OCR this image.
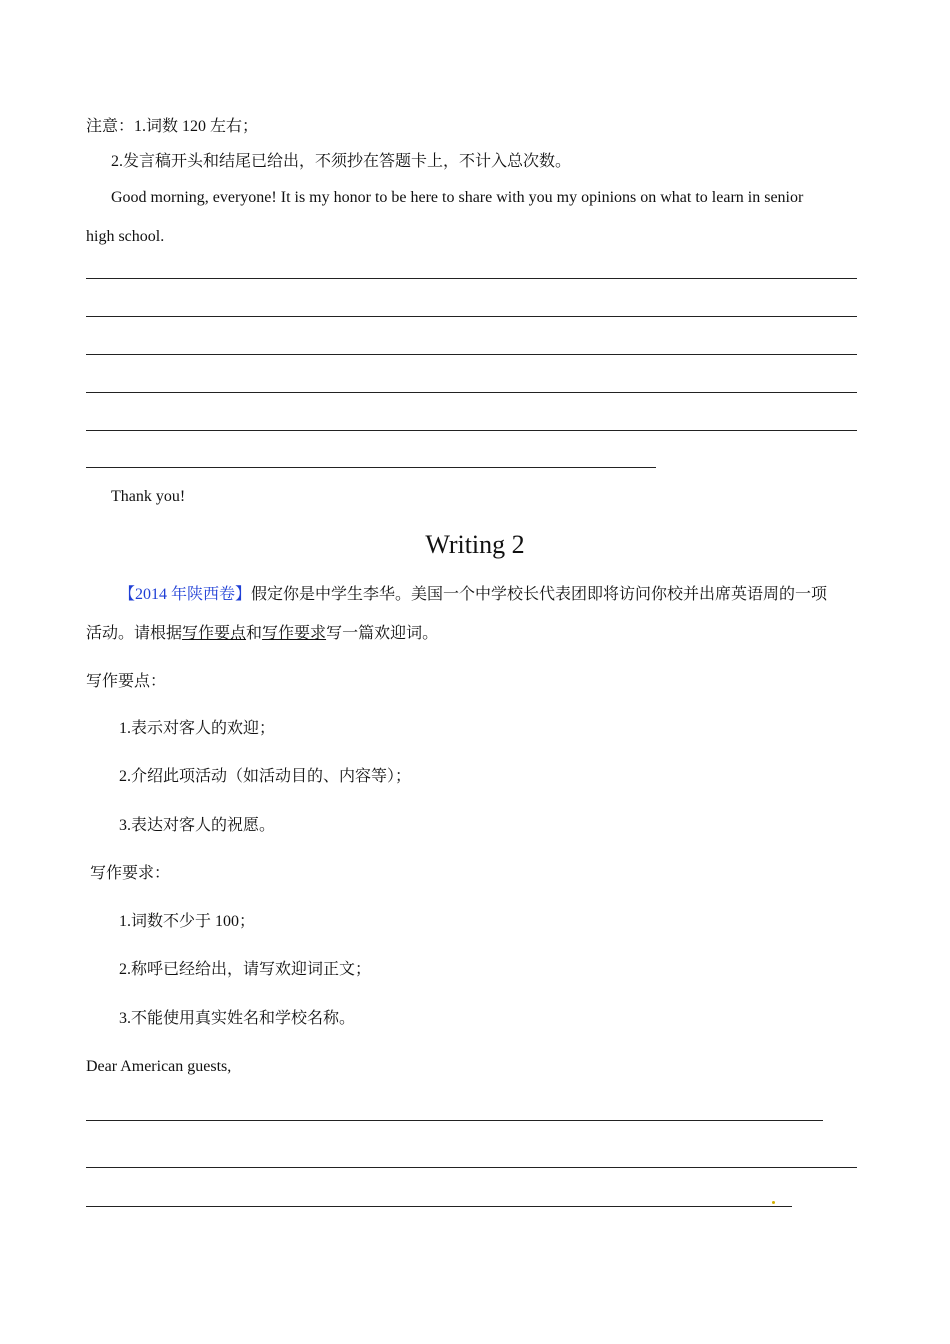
注意：1.词数 120 左右；
2.发言稿开头和结尾已给出，不须抄在答题卡上，不计入总次数。
Good morning, everyone! It is my honor to be here to share with you my opinions on what to learn in senior
high school.
Thank you!
Writing 2
【2014 年陕西卷】假定你是中学生李华。美国一个中学校长代表团即将访问你校并出席英语周的一项
活动。请根据写作要点和写作要求写一篇欢迎词。
写作要点：
1.表示对客人的欢迎；
2.介绍此项活动（如活动目的、内容等）；
3.表达对客人的祝愿。
写作要求：
1.词数不少于 100；
2.称呼已经给出，请写欢迎词正文；
3.不能使用真实姓名和学校名称。
Dear American guests,
